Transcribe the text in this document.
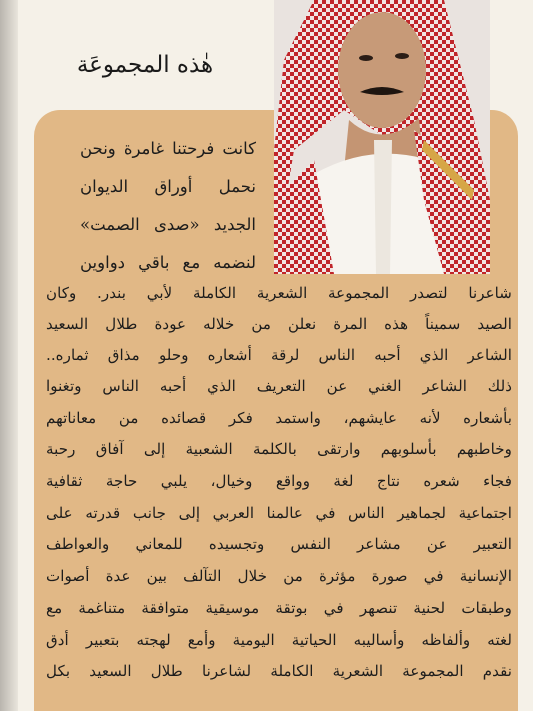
هٰذه المجموعَة
كانت فرحتنا غامرة ونحن
نحمل أوراق الديوان
الجديد «صدى الصمت»
لنضمه مع باقي دواوين
شاعرنا لتصدر المجموعة الشعرية الكاملة لأبي بندر. وكان
الصيد سميناً هذه المرة نعلن من خلاله عودة طلال السعيد
الشاعر الذي أحبه الناس لرقة أشعاره وحلو مذاق ثماره..
ذلك الشاعر الغني عن التعريف الذي أحبه الناس وتغنوا
بأشعاره لأنه عايشهم، واستمد فكر قصائده من معاناتهم
وخاطبهم بأسلوبهم وارتقى بالكلمة الشعبية إلى آفاق رحبة
فجاء شعره نتاج لغة وواقع وخيال، يلبي حاجة ثقافية
اجتماعية لجماهير الناس في عالمنا العربي إلى جانب قدرته على
التعبير عن مشاعر النفس وتجسيده للمعاني والعواطف
الإنسانية في صورة مؤثرة من خلال التآلف بين عدة أصوات
وطبقات لحنية تنصهر في بوتقة موسيقية متوافقة متناغمة مع
لغته وألفاظه وأساليبه الحياتية اليومية وأمع لهجته بتعبير أدق
نقدم المجموعة الشعرية الكاملة لشاعرنا طلال السعيد بكل
